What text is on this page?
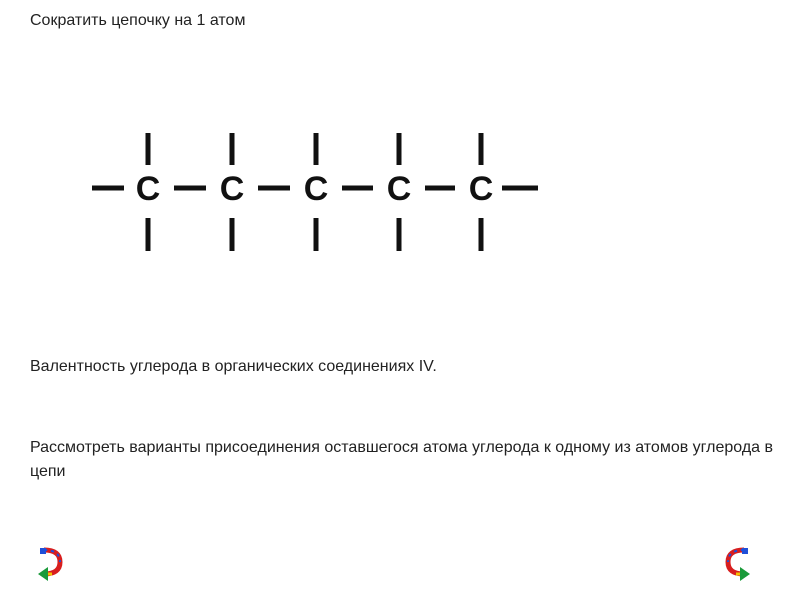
Сократить цепочку на 1 атом
C C C C C
Валентность углерода в органических соединениях IV.
Рассмотреть варианты присоединения оставшегося атома углерода к одному из атомов углерода в цепи
